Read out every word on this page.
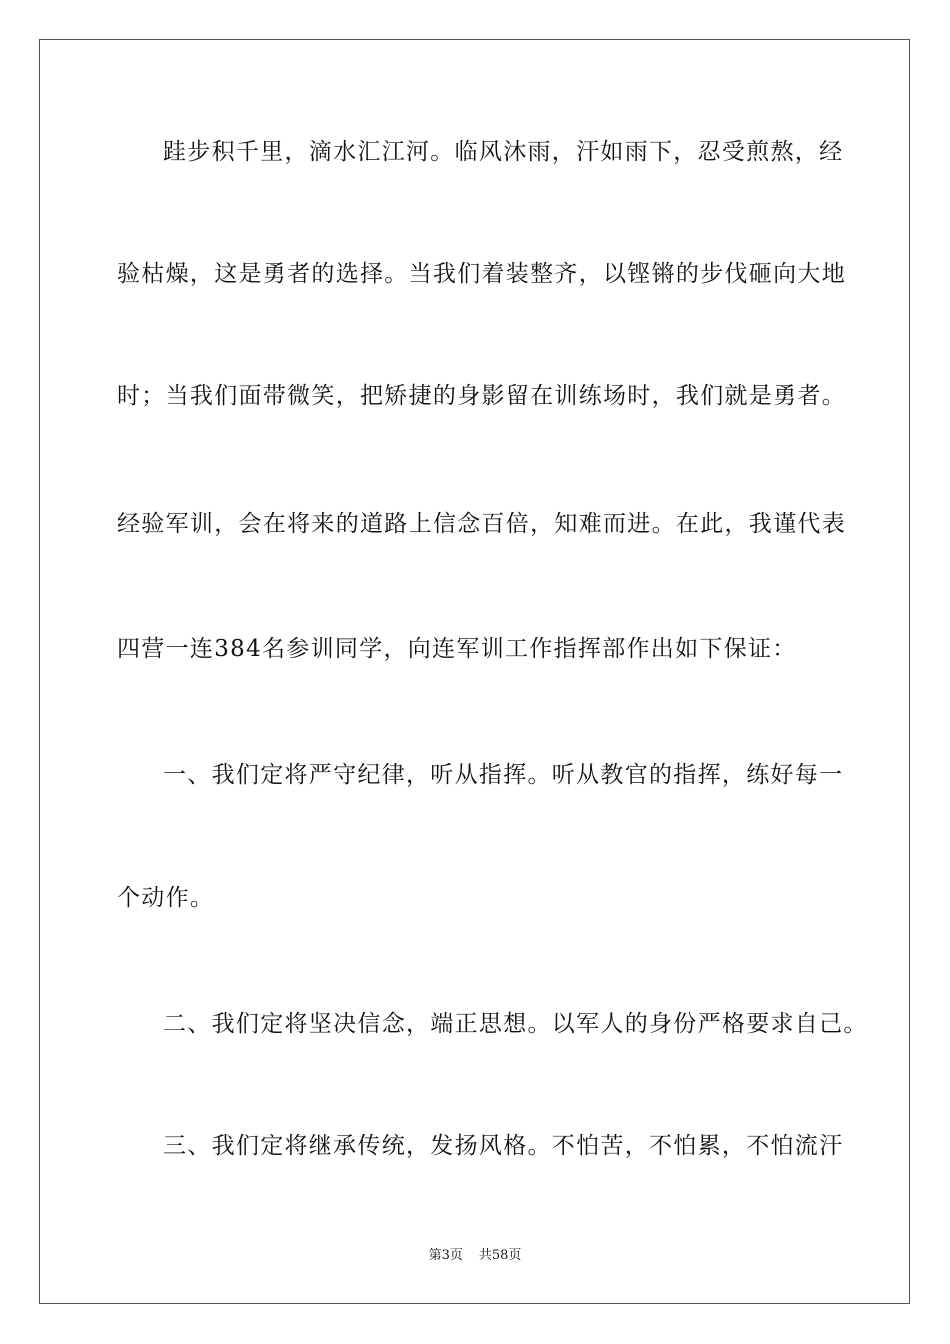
跬步积千里，滴水汇江河。临风沐雨，汗如雨下，忍受煎熬，经
验枯燥，这是勇者的选择。当我们着装整齐，以铿锵的步伐砸向大地
时；当我们面带微笑，把矫捷的身影留在训练场时，我们就是勇者。
经验军训，会在将来的道路上信念百倍，知难而进。在此，我谨代表
四营一连384名参训同学，向连军训工作指挥部作出如下保证：
一、我们定将严守纪律，听从指挥。听从教官的指挥，练好每一
个动作。
二、我们定将坚决信念，端正思想。以军人的身份严格要求自己。
三、我们定将继承传统，发扬风格。不怕苦，不怕累，不怕流汗
第3页 共58页
